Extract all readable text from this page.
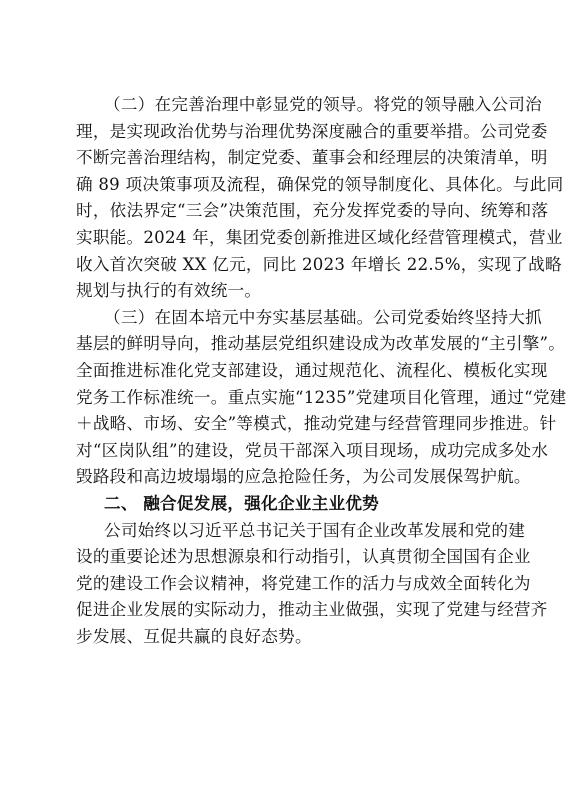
（二）在完善治理中彰显党的领导。将党的领导融入公司治
理，是实现政治优势与治理优势深度融合的重要举措。公司党委
不断完善治理结构，制定党委、董事会和经理层的决策清单，明
确 89 项决策事项及流程，确保党的领导制度化、具体化。与此同
时，依法界定“三会”决策范围，充分发挥党委的导向、统筹和落
实职能。2024 年，集团党委创新推进区域化经营管理模式，营业
收入首次突破 XX 亿元，同比 2023 年增长 22.5%，实现了战略
规划与执行的有效统一。
（三）在固本培元中夯实基层基础。公司党委始终坚持大抓
基层的鲜明导向，推动基层党组织建设成为改革发展的“主引擎”。
全面推进标准化党支部建设，通过规范化、流程化、模板化实现
党务工作标准统一。重点实施“1235”党建项目化管理，通过“党建
＋战略、市场、安全”等模式，推动党建与经营管理同步推进。针
对“区岗队组”的建设，党员干部深入项目现场，成功完成多处水
毁路段和高边坡塌塌的应急抢险任务，为公司发展保驾护航。
二、 融合促发展，强化企业主业优势
公司始终以习近平总书记关于国有企业改革发展和党的建
设的重要论述为思想源泉和行动指引，认真贯彻全国国有企业
党的建设工作会议精神，将党建工作的活力与成效全面转化为
促进企业发展的实际动力，推动主业做强，实现了党建与经营齐
步发展、互促共赢的良好态势。
